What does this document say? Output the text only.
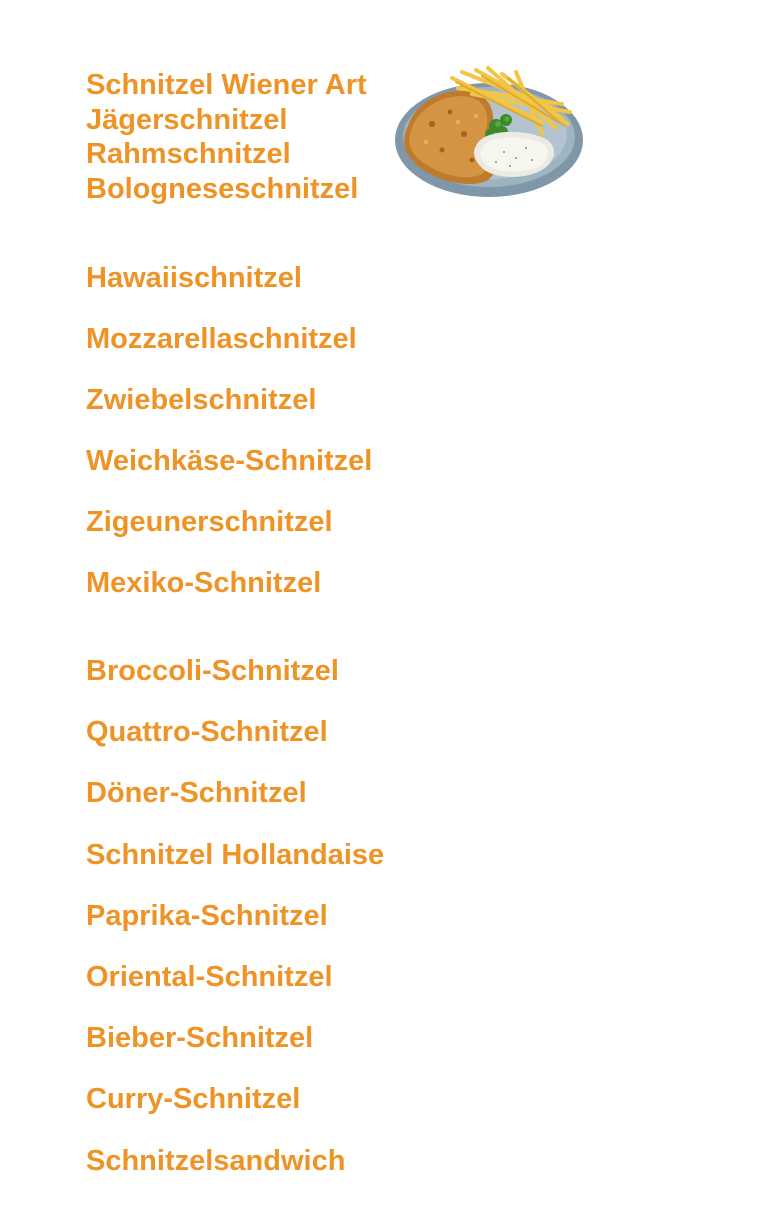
Schnitzel Wiener Art
Jägerschnitzel
Rahmschnitzel
Bologneseschnitzel
Hawaiischnitzel
Mozzarellaschnitzel
Zwiebelschnitzel
Weichkäse-Schnitzel
Zigeunerschnitzel
Mexiko-Schnitzel
Broccoli-Schnitzel
Quattro-Schnitzel
Döner-Schnitzel
Schnitzel Hollandaise
Paprika-Schnitzel
Oriental-Schnitzel
Bieber-Schnitzel
Curry-Schnitzel
Schnitzelsandwich
